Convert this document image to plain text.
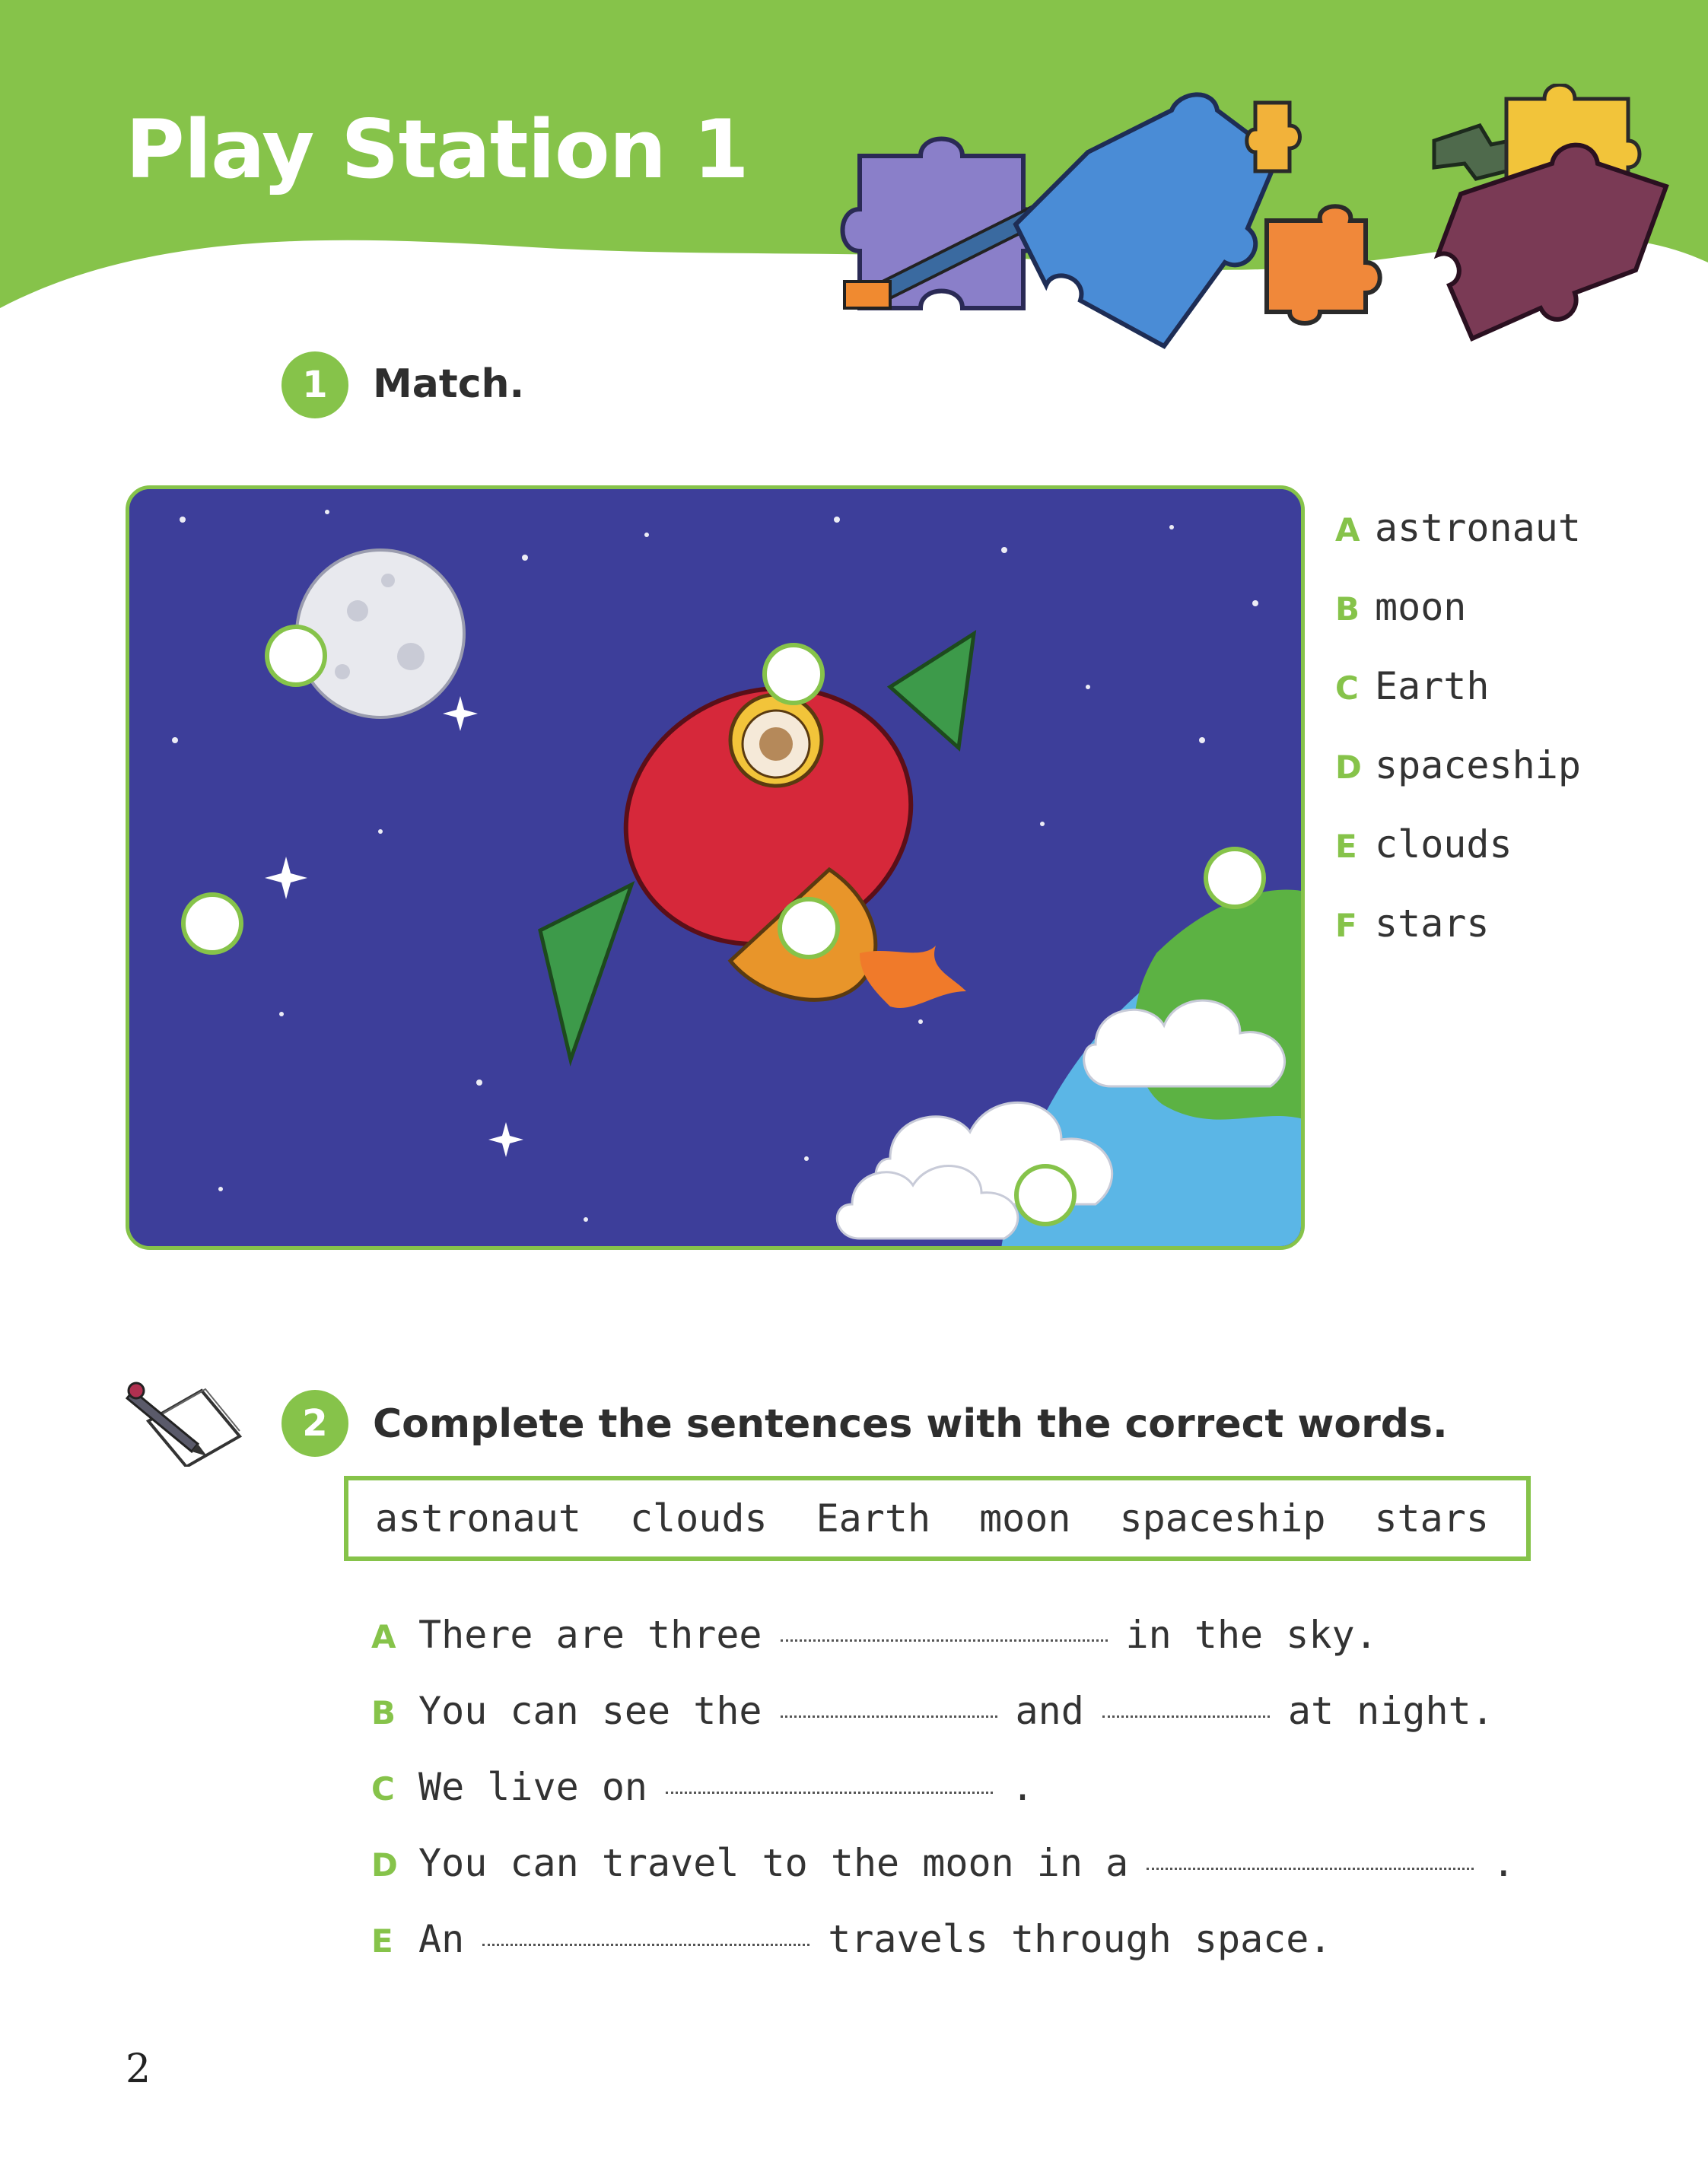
Play Station 1
1	Match.
A astronaut
B moon
C Earth
D spaceship
E clouds
F stars
2	Complete the sentences with the correct words.
astronaut clouds Earth moon spaceship stars
A There are three	in the sky.
B You can see the	and	at night.
C We live on	.
D You can travel to the moon in a	.
E An	travels through space.
2
